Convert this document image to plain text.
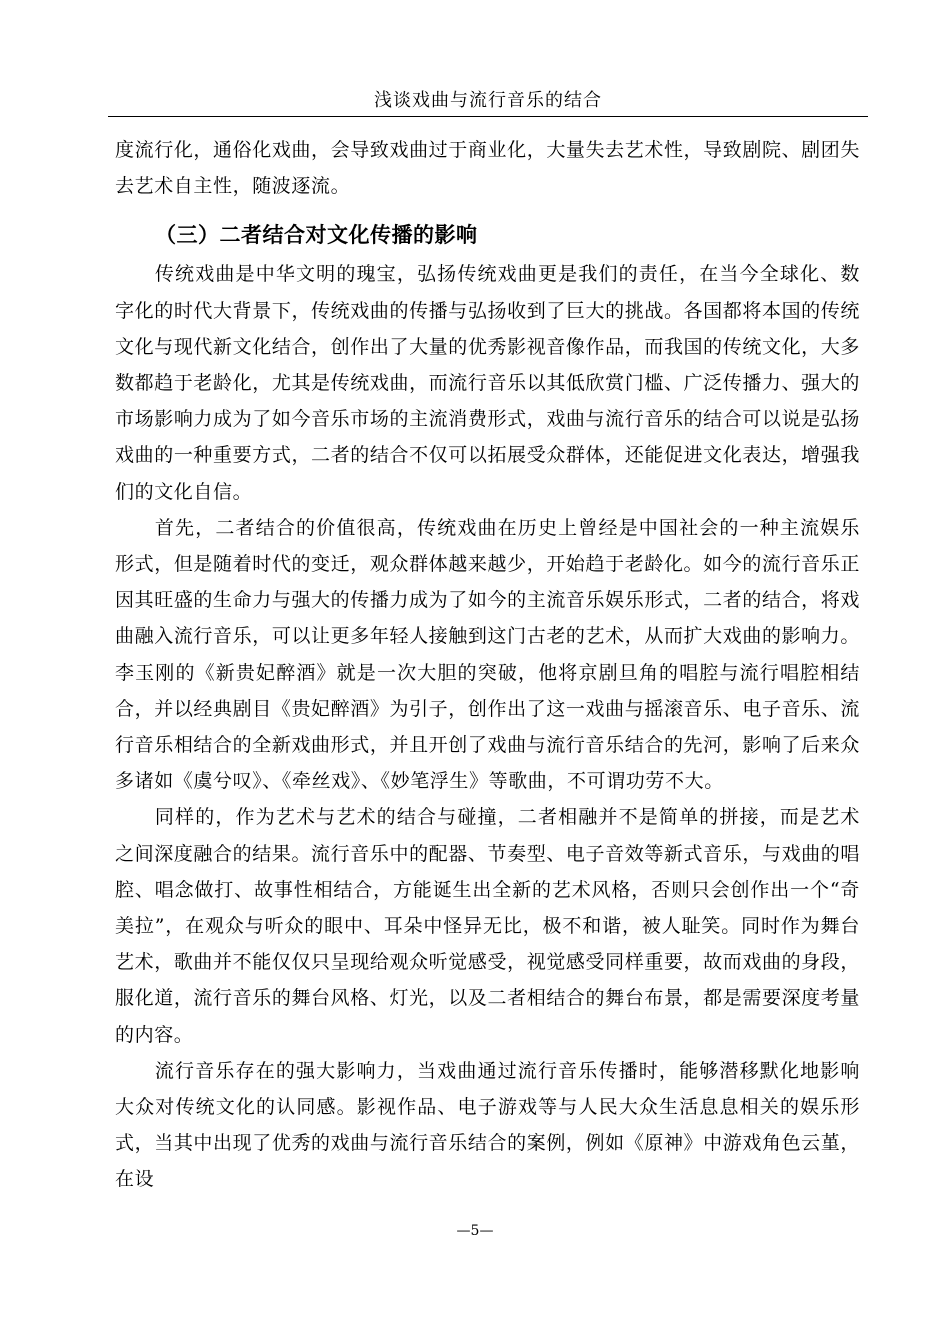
浅谈戏曲与流行音乐的结合

度流行化，通俗化戏曲，会导致戏曲过于商业化，大量失去艺术性，导致剧院、剧团失去艺术自主性，随波逐流。

（三）二者结合对文化传播的影响

传统戏曲是中华文明的瑰宝，弘扬传统戏曲更是我们的责任，在当今全球化、数字化的时代大背景下，传统戏曲的传播与弘扬收到了巨大的挑战。各国都将本国的传统文化与现代新文化结合，创作出了大量的优秀影视音像作品，而我国的传统文化，大多数都趋于老龄化，尤其是传统戏曲，而流行音乐以其低欣赏门槛、广泛传播力、强大的市场影响力成为了如今音乐市场的主流消费形式，戏曲与流行音乐的结合可以说是弘扬戏曲的一种重要方式，二者的结合不仅可以拓展受众群体，还能促进文化表达，增强我们的文化自信。

首先，二者结合的价值很高，传统戏曲在历史上曾经是中国社会的一种主流娱乐形式，但是随着时代的变迁，观众群体越来越少，开始趋于老龄化。如今的流行音乐正因其旺盛的生命力与强大的传播力成为了如今的主流音乐娱乐形式，二者的结合，将戏曲融入流行音乐，可以让更多年轻人接触到这门古老的艺术，从而扩大戏曲的影响力。李玉刚的《新贵妃醉酒》就是一次大胆的突破，他将京剧旦角的唱腔与流行唱腔相结合，并以经典剧目《贵妃醉酒》为引子，创作出了这一戏曲与摇滚音乐、电子音乐、流行音乐相结合的全新戏曲形式，并且开创了戏曲与流行音乐结合的先河，影响了后来众多诸如《虞兮叹》、《牵丝戏》、《妙笔浮生》等歌曲，不可谓功劳不大。

同样的，作为艺术与艺术的结合与碰撞，二者相融并不是简单的拼接，而是艺术之间深度融合的结果。流行音乐中的配器、节奏型、电子音效等新式音乐，与戏曲的唱腔、唱念做打、故事性相结合，方能诞生出全新的艺术风格，否则只会创作出一个“奇美拉”，在观众与听众的眼中、耳朵中怪异无比，极不和谐，被人耻笑。同时作为舞台艺术，歌曲并不能仅仅只呈现给观众听觉感受，视觉感受同样重要，故而戏曲的身段，服化道，流行音乐的舞台风格、灯光，以及二者相结合的舞台布景，都是需要深度考量的内容。

流行音乐存在的强大影响力，当戏曲通过流行音乐传播时，能够潜移默化地影响大众对传统文化的认同感。影视作品、电子游戏等与人民大众生活息息相关的娱乐形式，当其中出现了优秀的戏曲与流行音乐结合的案例，例如《原神》中游戏角色云堇，在设

—5—
